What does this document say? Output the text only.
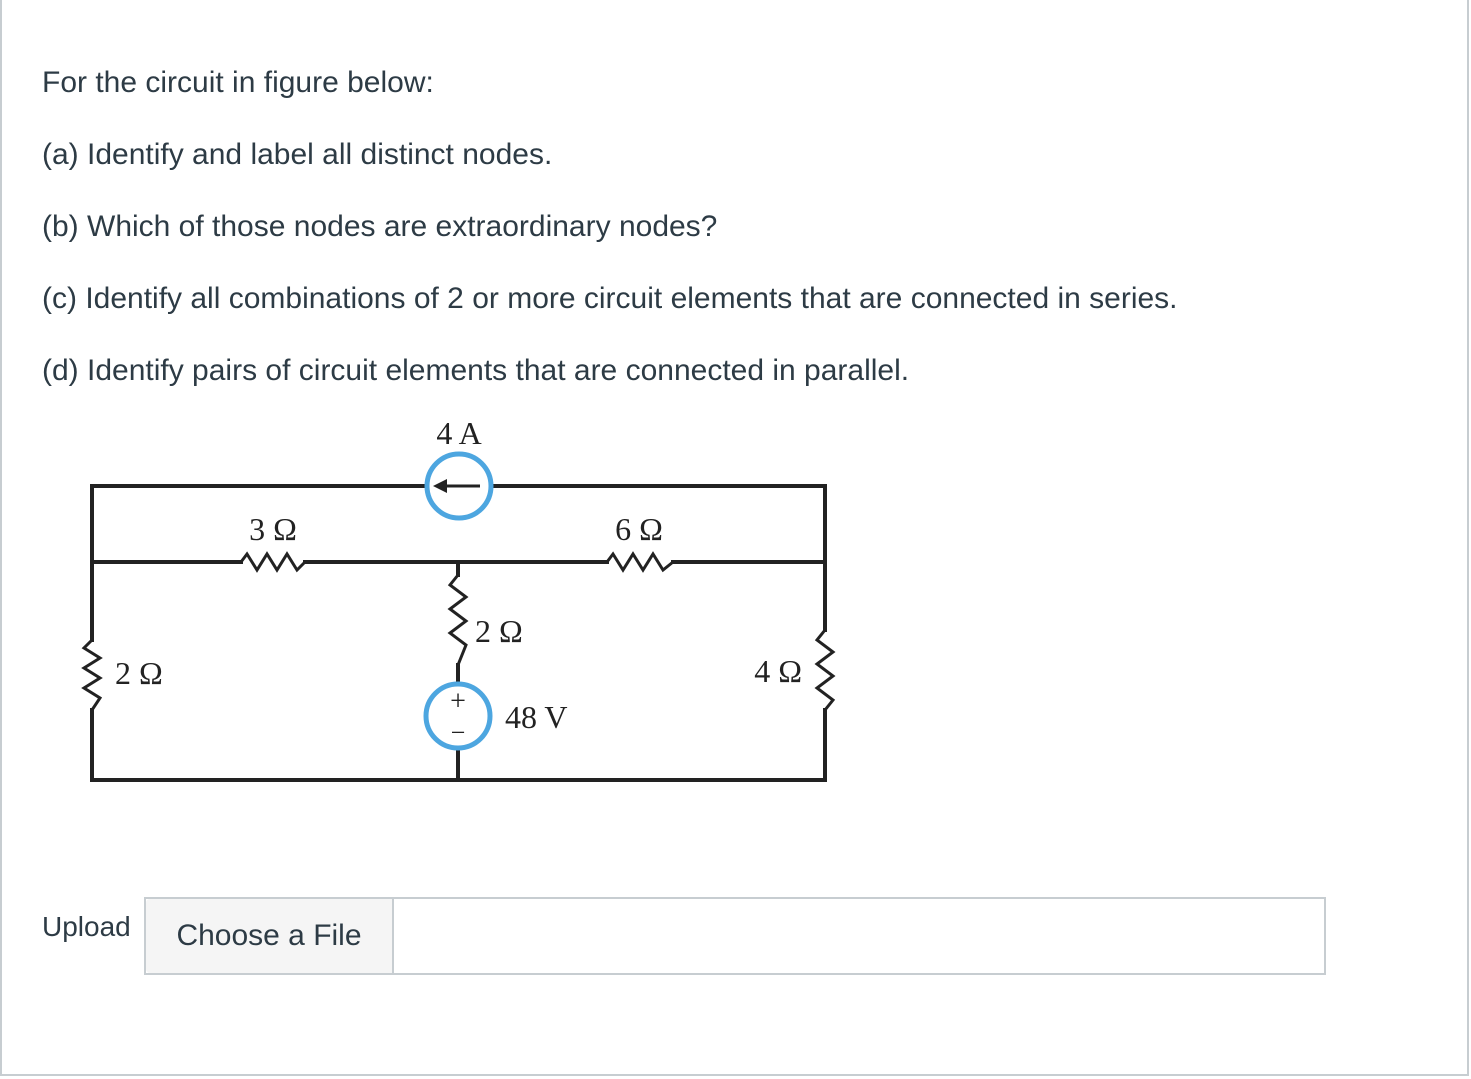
For the circuit in figure below:

(a) Identify and label all distinct nodes.

(b) Which of those nodes are extraordinary nodes?

(c) Identify all combinations of 2 or more circuit elements that are connected in series.

(d) Identify pairs of circuit elements that are connected in parallel.

+
−
4 A
3 Ω	6 Ω
2 Ω
2 Ω
4 Ω
48 V
Upload	Choose a File
